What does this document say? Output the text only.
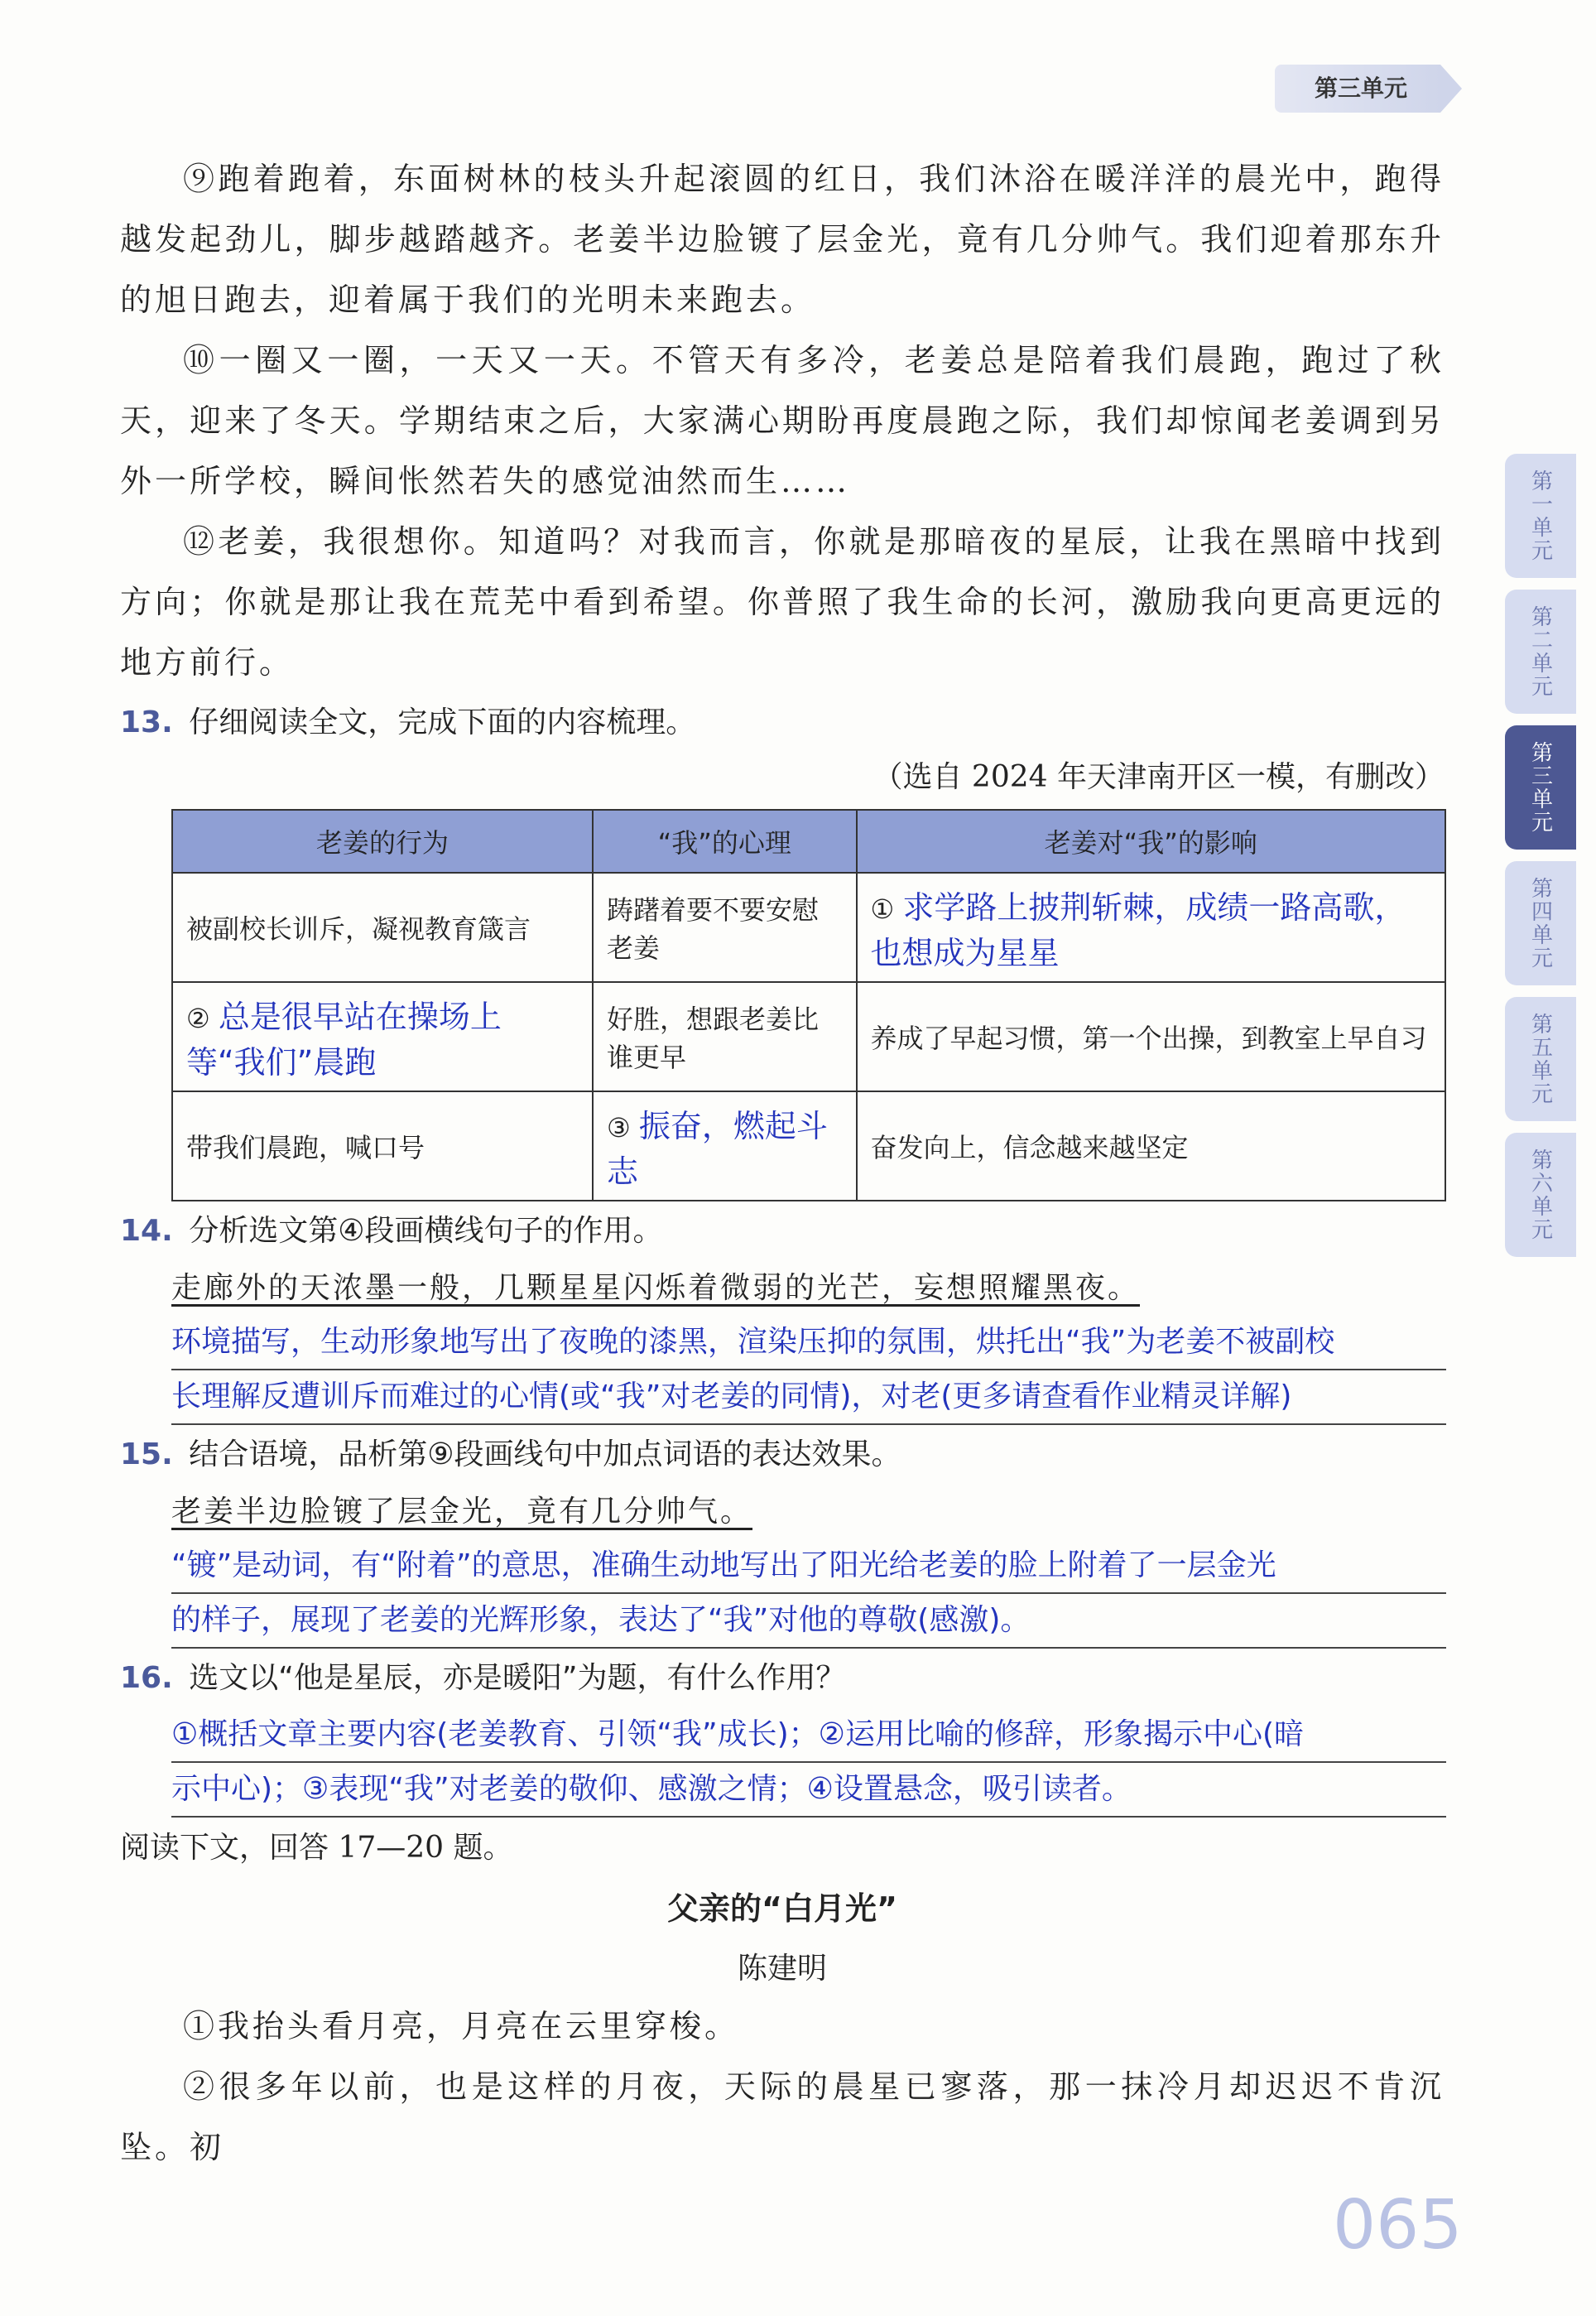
第三单元
第一单元
第二单元
第三单元
第四单元
第五单元
第六单元

⑨跑着跑着，东面树林的枝头升起滚圆的红日，我们沐浴在暖洋洋的晨光中，跑得越发起劲儿，脚步越踏越齐。老姜半边脸镀了层金光，竟有几分帅气。我们迎着那东升的旭日跑去，迎着属于我们的光明未来跑去。

⑩一圈又一圈，一天又一天。不管天有多冷，老姜总是陪着我们晨跑，跑过了秋天，迎来了冬天。学期结束之后，大家满心期盼再度晨跑之际，我们却惊闻老姜调到另外一所学校，瞬间怅然若失的感觉油然而生……

⑫老姜，我很想你。知道吗？对我而言，你就是那暗夜的星辰，让我在黑暗中找到方向；你就是那让我在荒芜中看到希望。你普照了我生命的长河，激励我向更高更远的地方前行。

13. 仔细阅读全文，完成下面的内容梳理。

（选自 2024 年天津南开区一模，有删改）

老姜的行为	“我”的心理	老姜对“我”的影响
被副校长训斥，凝视教育箴言	踌躇着要不要安慰老姜	① 求学路上披荆斩棘，成绩一路高歌，也想成为星星
② 总是很早站在操场上等“我们”晨跑	好胜，想跟老姜比谁更早	养成了早起习惯，第一个出操，到教室上早自习
带我们晨跑，喊口号	③ 振奋，燃起斗志	奋发向上，信念越来越坚定
14. 分析选文第④段画横线句子的作用。
走廊外的天浓墨一般，几颗星星闪烁着微弱的光芒，妄想照耀黑夜。
环境描写，生动形象地写出了夜晚的漆黑，渲染压抑的氛围，烘托出“我”为老姜不被副校
长理解反遭训斥而难过的心情(或“我”对老姜的同情)，对老(更多请查看作业精灵详解)
15. 结合语境，品析第⑨段画线句中加点词语的表达效果。
老姜半边脸镀了层金光，竟有几分帅气。
“镀”是动词，有“附着”的意思，准确生动地写出了阳光给老姜的脸上附着了一层金光
的样子，展现了老姜的光辉形象，表达了“我”对他的尊敬(感激)。
16. 选文以“他是星辰，亦是暖阳”为题，有什么作用？
①概括文章主要内容(老姜教育、引领“我”成长)；②运用比喻的修辞，形象揭示中心(暗
示中心)；③表现“我”对老姜的敬仰、感激之情；④设置悬念，吸引读者。

阅读下文，回答 17—20 题。

父亲的“白月光”

陈建明

①我抬头看月亮，月亮在云里穿梭。

②很多年以前，也是这样的月夜，天际的晨星已寥落，那一抹冷月却迟迟不肯沉坠。初

065
